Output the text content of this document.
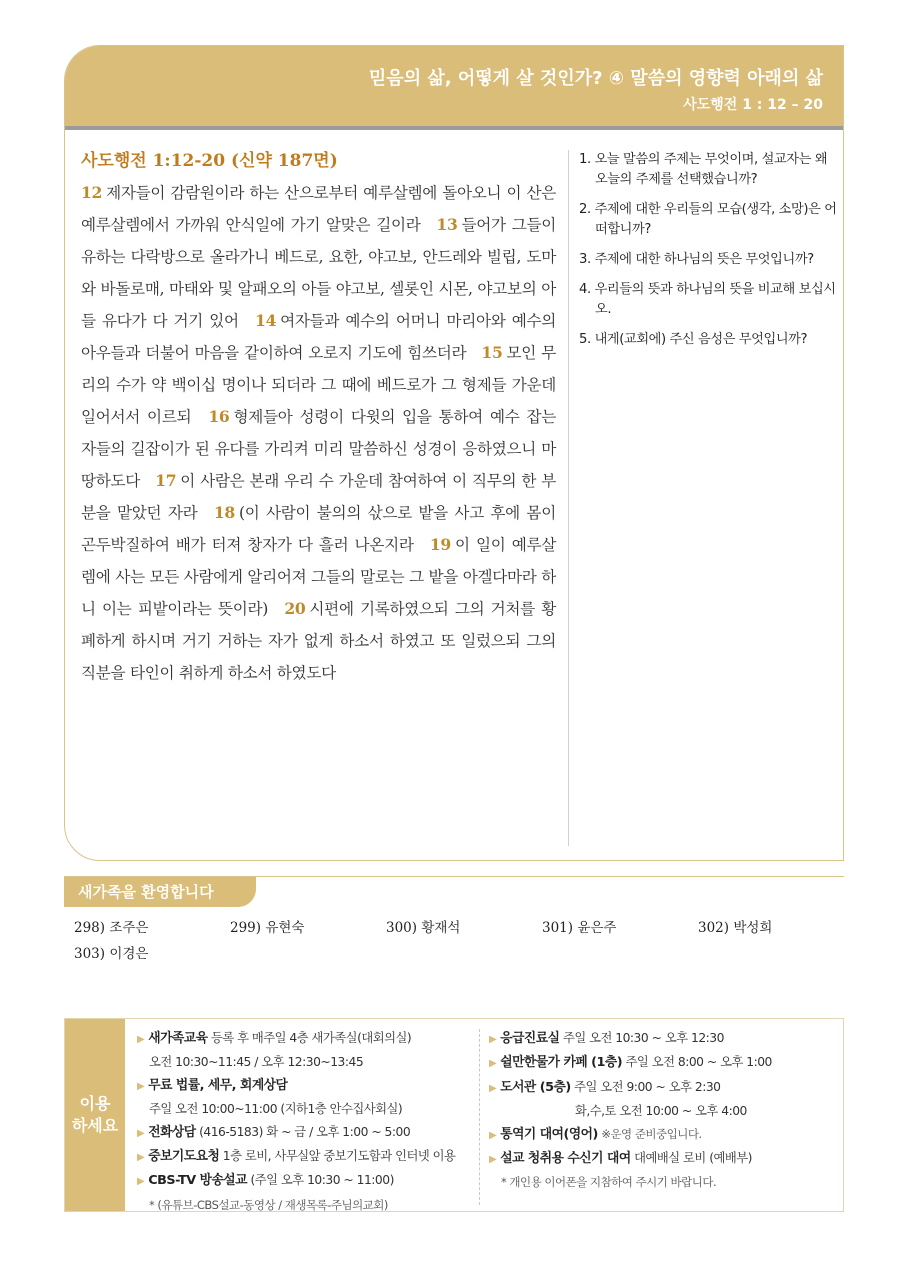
믿음의 삶, 어떻게 살 것인가? ④ 말씀의 영향력 아래의 삶
사도행전 1 : 12 – 20
사도행전 1:12-20 (신약 187면)
12 제자들이 감람원이라 하는 산으로부터 예루살렘에 돌아오니 이 산은 예루살렘에서 가까워 안식일에 가기 알맞은 길이라 13 들어가 그들이 유하는 다락방으로 올라가니 베드로, 요한, 야고보, 안드레와 빌립, 도마와 바돌로매, 마태와 및 알패오의 아들 야고보, 셀롯인 시몬, 야고보의 아들 유다가 다 거기 있어 14 여자들과 예수의 어머니 마리아와 예수의 아우들과 더불어 마음을 같이하여 오로지 기도에 힘쓰더라 15 모인 무리의 수가 약 백이십 명이나 되더라 그 때에 베드로가 그 형제들 가운데 일어서서 이르되 16 형제들아 성령이 다윗의 입을 통하여 예수 잡는 자들의 길잡이가 된 유다를 가리켜 미리 말씀하신 성경이 응하였으니 마땅하도다 17 이 사람은 본래 우리 수 가운데 참여하여 이 직무의 한 부분을 맡았던 자라 18 (이 사람이 불의의 삯으로 밭을 사고 후에 몸이 곤두박질하여 배가 터져 창자가 다 흘러 나온지라 19 이 일이 예루살렘에 사는 모든 사람에게 알리어져 그들의 말로는 그 밭을 아겔다마라 하니 이는 피밭이라는 뜻이라) 20 시편에 기록하였으되 그의 거처를 황폐하게 하시며 거기 거하는 자가 없게 하소서 하였고 또 일렀으되 그의 직분을 타인이 취하게 하소서 하였도다
1. 오늘 말씀의 주제는 무엇이며, 설교자는 왜 오늘의 주제를 선택했습니까?
2. 주제에 대한 우리들의 모습(생각, 소망)은 어떠합니까?
3. 주제에 대한 하나님의 뜻은 무엇입니까?
4. 우리들의 뜻과 하나님의 뜻을 비교해 보십시오.
5. 내게(교회에) 주신 음성은 무엇입니까?
새가족을 환영합니다
298) 조주은	299) 유현숙	300) 황재석	301) 윤은주	302) 박성희
303) 이경은
이용
하세요
▶ 새가족교육 등록 후 매주일 4층 새가족실(대회의실)
오전 10:30~11:45 / 오후 12:30~13:45
▶ 무료 법률, 세무, 회계상담
주일 오전 10:00~11:00 (지하1층 안수집사회실)
▶ 전화상담 (416-5183) 화 ~ 금 / 오후 1:00 ~ 5:00
▶ 중보기도요청 1층 로비, 사무실앞 중보기도함과 인터넷 이용
▶ CBS-TV 방송설교 (주일 오후 10:30 ~ 11:00)
* (유튜브-CBS설교-동영상 / 재생목록-주님의교회)
▶ 응급진료실 주일 오전 10:30 ~ 오후 12:30
▶ 쉴만한물가 카페 (1층) 주일 오전 8:00 ~ 오후 1:00
▶ 도서관 (5층) 주일 오전 9:00 ~ 오후 2:30
화,수,토 오전 10:00 ~ 오후 4:00
▶ 통역기 대여(영어) ※운영 준비중입니다.
▶ 설교 청취용 수신기 대여 대예배실 로비 (예배부)
* 개인용 이어폰을 지참하여 주시기 바랍니다.
